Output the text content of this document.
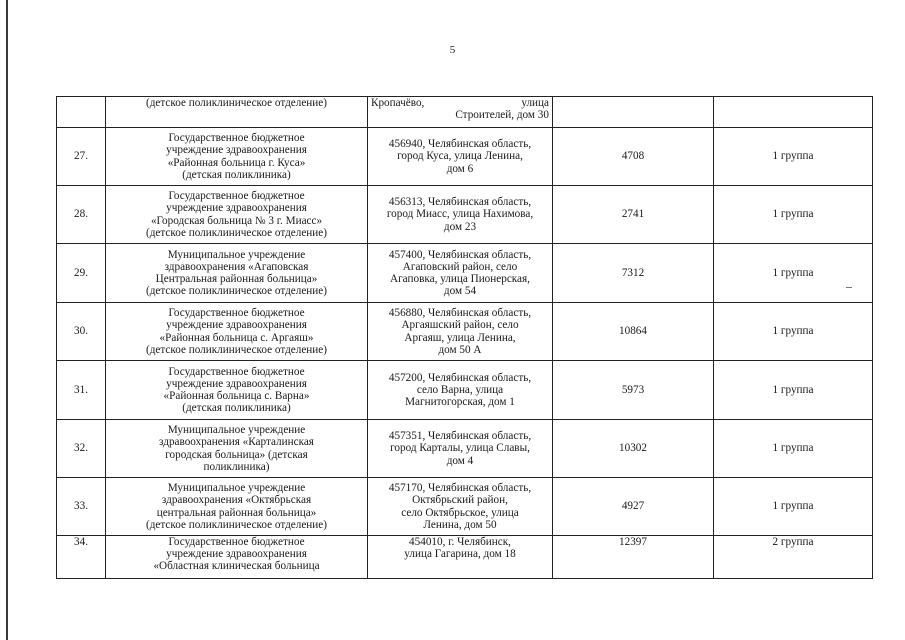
5

	(детское поликлиническое отделение)	Кропачёво, улица
Строителей, дом 30		

27.	Государственное бюджетное
учреждение здравоохранения
«Районная больница г. Куса»
(детская поликлиника)	456940, Челябинская область,
город Куса, улица Ленина,
дом 6	4708	1 группа
28.	Государственное бюджетное
учреждение здравоохранения
«Городская больница № 3 г. Миасс»
(детское поликлиническое отделение)	456313, Челябинская область,
город Миасс, улица Нахимова,
дом 23	2741	1 группа
29.	Муниципальное учреждение
здравоохранения «Агаповская
Центральная районная больница»
(детское поликлиническое отделение)	457400, Челябинская область,
Агаповский район, село
Агаповка, улица Пионерская,
дом 54	7312	1 группа
30.	Государственное бюджетное
учреждение здравоохранения
«Районная больница с. Аргаяш»
(детское поликлиническое отделение)	456880, Челябинская область,
Аргаяшский район, село
Аргаяш, улица Ленина,
дом 50 А	10864	1 группа
31.	Государственное бюджетное
учреждение здравоохранения
«Районная больница с. Варна»
(детская поликлиника)	457200, Челябинская область,
село Варна, улица
Магнитогорская, дом 1	5973	1 группа
32.	Муниципальное учреждение
здравоохранения «Карталинская
городская больница» (детская
поликлиника)	457351, Челябинская область,
город Карталы, улица Славы,
дом 4	10302	1 группа
33.	Муниципальное учреждение
здравоохранения «Октябрьская
центральная районная больница»
(детское поликлиническое отделение)	457170, Челябинская область,
Октябрьский район,
село Октябрьское, улица
Ленина, дом 50	4927	1 группа
34.	Государственное бюджетное
учреждение здравоохранения
«Областная клиническая больница	454010, г. Челябинск,
улица Гагарина, дом 18	12397	2 группа
